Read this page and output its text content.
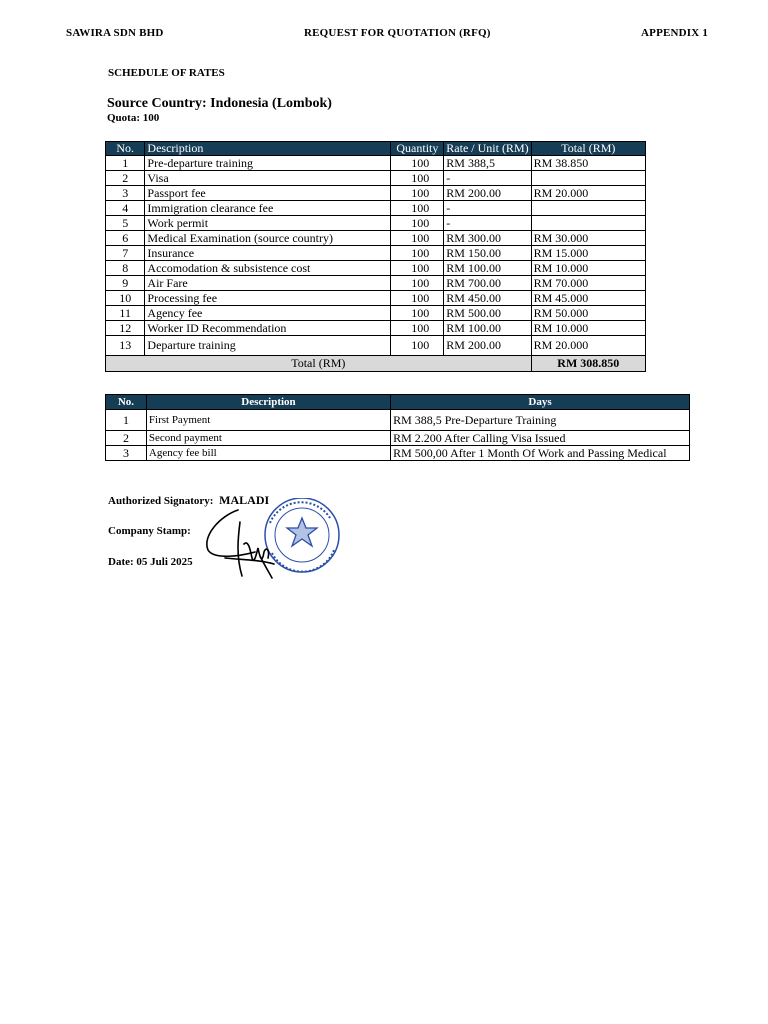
SAWIRA SDN BHD	REQUEST FOR QUOTATION (RFQ)	APPENDIX 1
SCHEDULE OF RATES
Source Country: Indonesia (Lombok)
Quota: 100
No.	Description	Quantity	Rate / Unit (RM)	Total (RM)
1	Pre-departure training	100	RM 388,5	RM 38.850
2	Visa	100	-	
3	Passport fee	100	RM 200.00	RM 20.000
4	Immigration clearance fee	100	-	
5	Work permit	100	-	
6	Medical Examination (source country)	100	RM 300.00	RM 30.000
7	Insurance	100	RM 150.00	RM 15.000
8	Accomodation & subsistence cost	100	RM 100.00	RM 10.000
9	Air Fare	100	RM 700.00	RM 70.000
10	Processing fee	100	RM 450.00	RM 45.000
11	Agency fee	100	RM 500.00	RM 50.000
12	Worker ID Recommendation	100	RM 100.00	RM 10.000
13	Departure training	100	RM 200.00	RM 20.000
Total (RM)				RM 308.850
No.	Description	Days
1	First Payment	RM 388,5 Pre-Departure Training
2	Second payment	RM 2.200 After Calling Visa Issued
3	Agency fee bill	RM 500,00 After 1 Month Of Work and Passing Medical
Authorized Signatory: MALADI
Company Stamp:
Date: 05 Juli 2025
